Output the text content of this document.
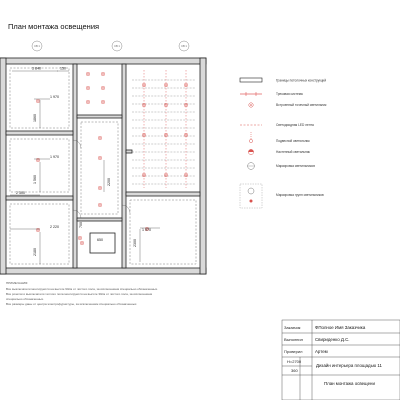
План монтажа освещения
СВ 1	СВ 1	СВ 1
3 840	150
1 970
1860
1 970
1 560
2 300
2 220
2180
2200
650
700
1 970
2300
Границы потолочных конструкций
Трековая система
Встроенный точечный светильник
Светодиодная LED лента
Подвесной светильник
Настенный светильник
Маркировка светильников
Маркировка групп светильников
Заказчик	ФПолное Имя Заказчика
Выполнил	Свириденко Д.С.
Проверил	Артем
Н=2700
360
Дизайн интерьера площадью 11
План монтажа освещени
ПРИМЕЧАНИЯ:
Все выключатели монтируются на высоте 90см от чистого пола, за исключением специально обозначенных.
Все розетки и выключатели теплого пола монтируются на высоте 30см от чистого пола, за исключением
специально обозначенных.
Все размеры даны от центра электрофурнитуры, за исключением специально обозначенных.
